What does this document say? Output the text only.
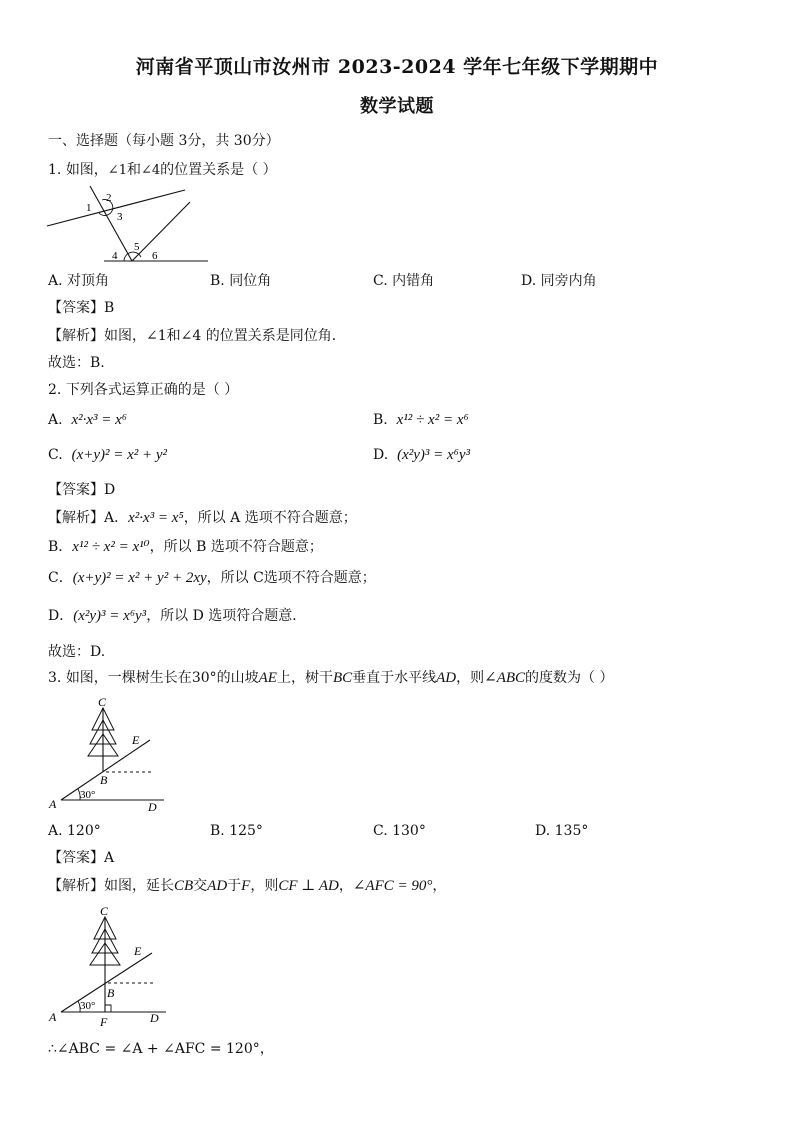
河南省平顶山市汝州市 2023-2024 学年七年级下学期期中
数学试题
一、选择题（每小题 3分，共 30分）
1. 如图，∠1和∠4的位置关系是（ ）
1
2
3
4
5
6
A. 对顶角	B. 同位角	C. 内错角	D. 同旁内角
【答案】B
【解析】如图，∠1和∠4 的位置关系是同位角．
故选：B.
2. 下列各式运算正确的是（ ）
A. x²·x³ = x⁶	B. x¹² ÷ x² = x⁶
C. (x+y)² = x² + y²	D. (x²y)³ = x⁶y³
【答案】D
【解析】A．x²·x³ = x⁵，所以 A 选项不符合题意；
B．x¹² ÷ x² = x¹⁰，所以 B 选项不符合题意；
C．(x+y)² = x² + y² + 2xy，所以 C选项不符合题意；
D．(x²y)³ = x⁶y³，所以 D 选项符合题意．
故选：D.
3. 如图，一棵树生长在30°的山坡AE上，树干BC垂直于水平线AD，则∠ABC的度数为（ ）
C
E
B
A	D
30°
A. 120°	B. 125°	C. 130°	D. 135°
【答案】A
【解析】如图，延长CB交AD于F，则CF ⊥ AD，∠AFC = 90°，
C
E
B
A	F	D
30°
∴∠ABC = ∠A + ∠AFC = 120°，
